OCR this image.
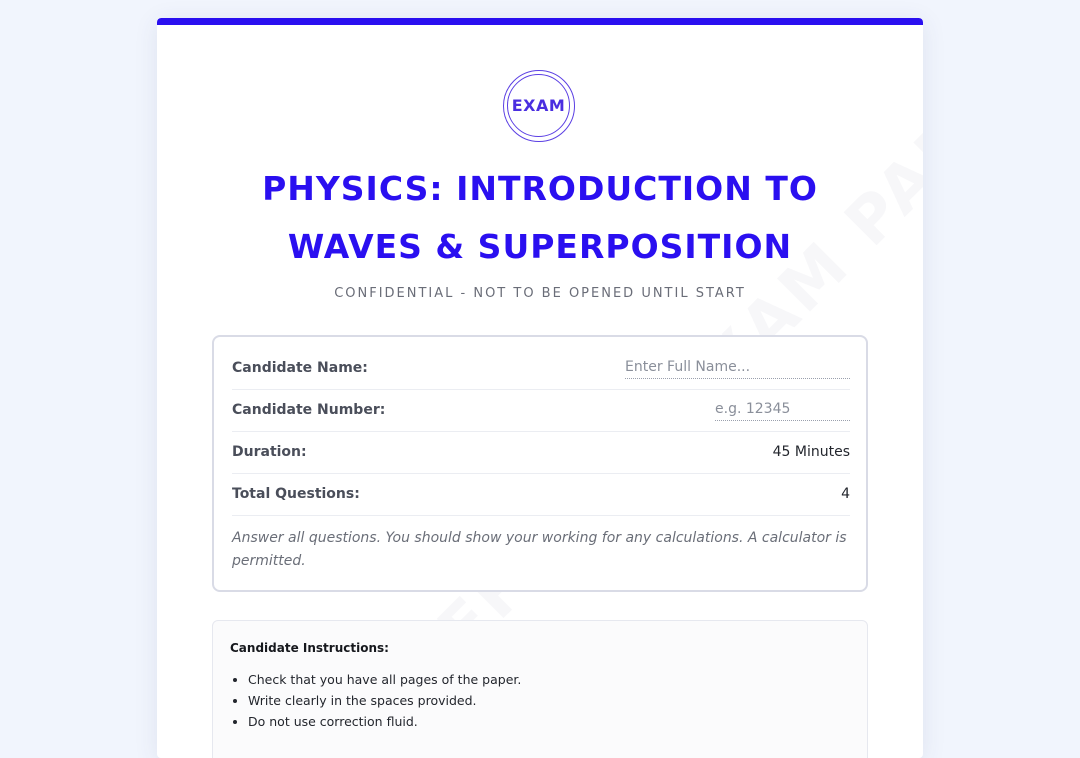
EXAM
PHYSICS: INTRODUCTION TO WAVES & SUPERPOSITION
CONFIDENTIAL - NOT TO BE OPENED UNTIL START
Candidate Name:
Enter Full Name...
Candidate Number:
e.g. 12345
Duration:	45 Minutes
Total Questions:	4
Answer all questions. You should show your working for any calculations. A calculator is permitted.
Candidate Instructions:
• Check that you have all pages of the paper.
• Write clearly in the spaces provided.
• Do not use correction fluid.
